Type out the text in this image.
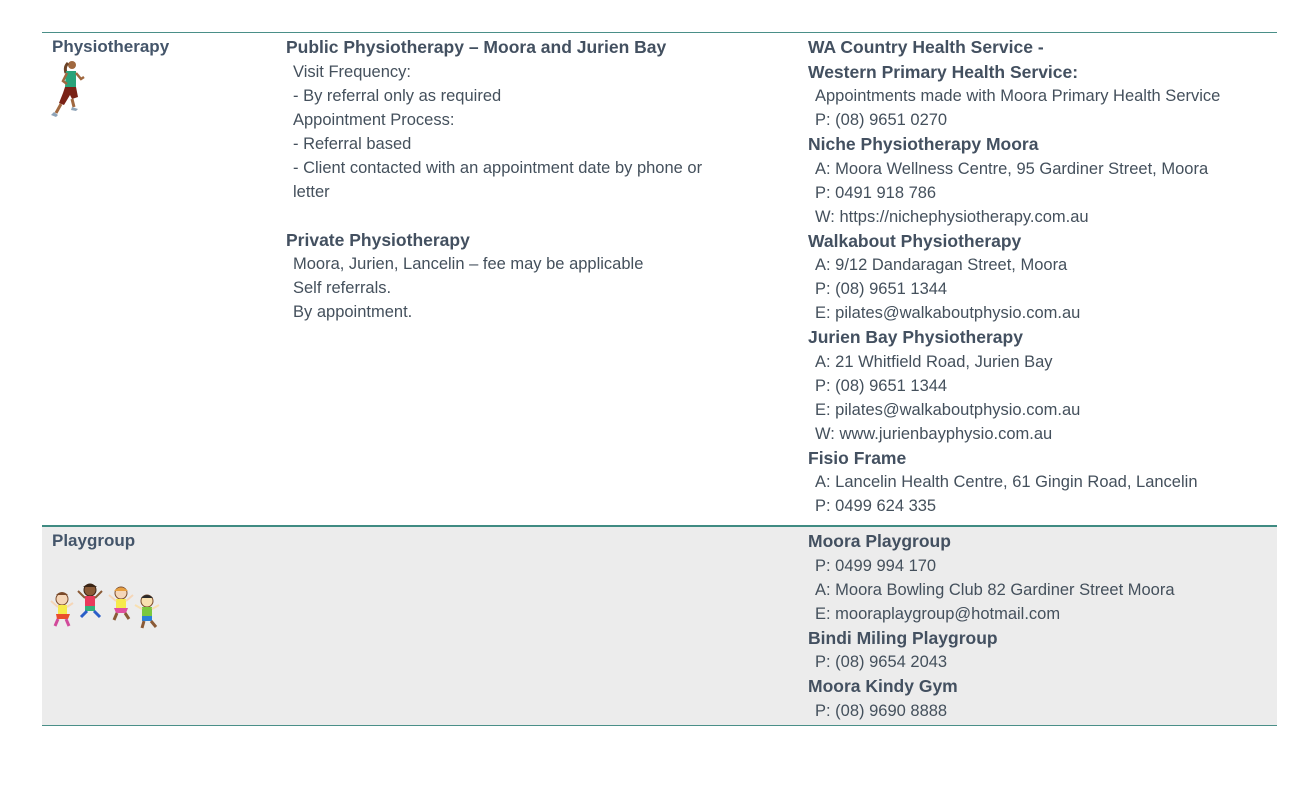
Physiotherapy	Public Physiotherapy – Moora and Jurien Bay
Visit Frequency:
- By referral only as required
Appointment Process:
- Referral based
- Client contacted with an appointment date by phone or
letter
Private Physiotherapy
Moora, Jurien, Lancelin – fee may be applicable
Self referrals.
By appointment.
WA Country Health Service -
Western Primary Health Service:
Appointments made with Moora Primary Health Service
P: (08) 9651 0270
Niche Physiotherapy Moora
A: Moora Wellness Centre, 95 Gardiner Street, Moora
P: 0491 918 786
W: https://nichephysiotherapy.com.au
Walkabout Physiotherapy
A: 9/12 Dandaragan Street, Moora
P: (08) 9651 1344
E: pilates@walkaboutphysio.com.au
Jurien Bay Physiotherapy
A: 21 Whitfield Road, Jurien Bay
P: (08) 9651 1344
E: pilates@walkaboutphysio.com.au
W: www.jurienbayphysio.com.au
Fisio Frame
A: Lancelin Health Centre, 61 Gingin Road, Lancelin
P: 0499 624 335
Playgroup	Moora Playgroup
P: 0499 994 170
A: Moora Bowling Club 82 Gardiner Street Moora
E: mooraplaygroup@hotmail.com
Bindi Miling Playgroup
P: (08) 9654 2043
Moora Kindy Gym
P: (08) 9690 8888
